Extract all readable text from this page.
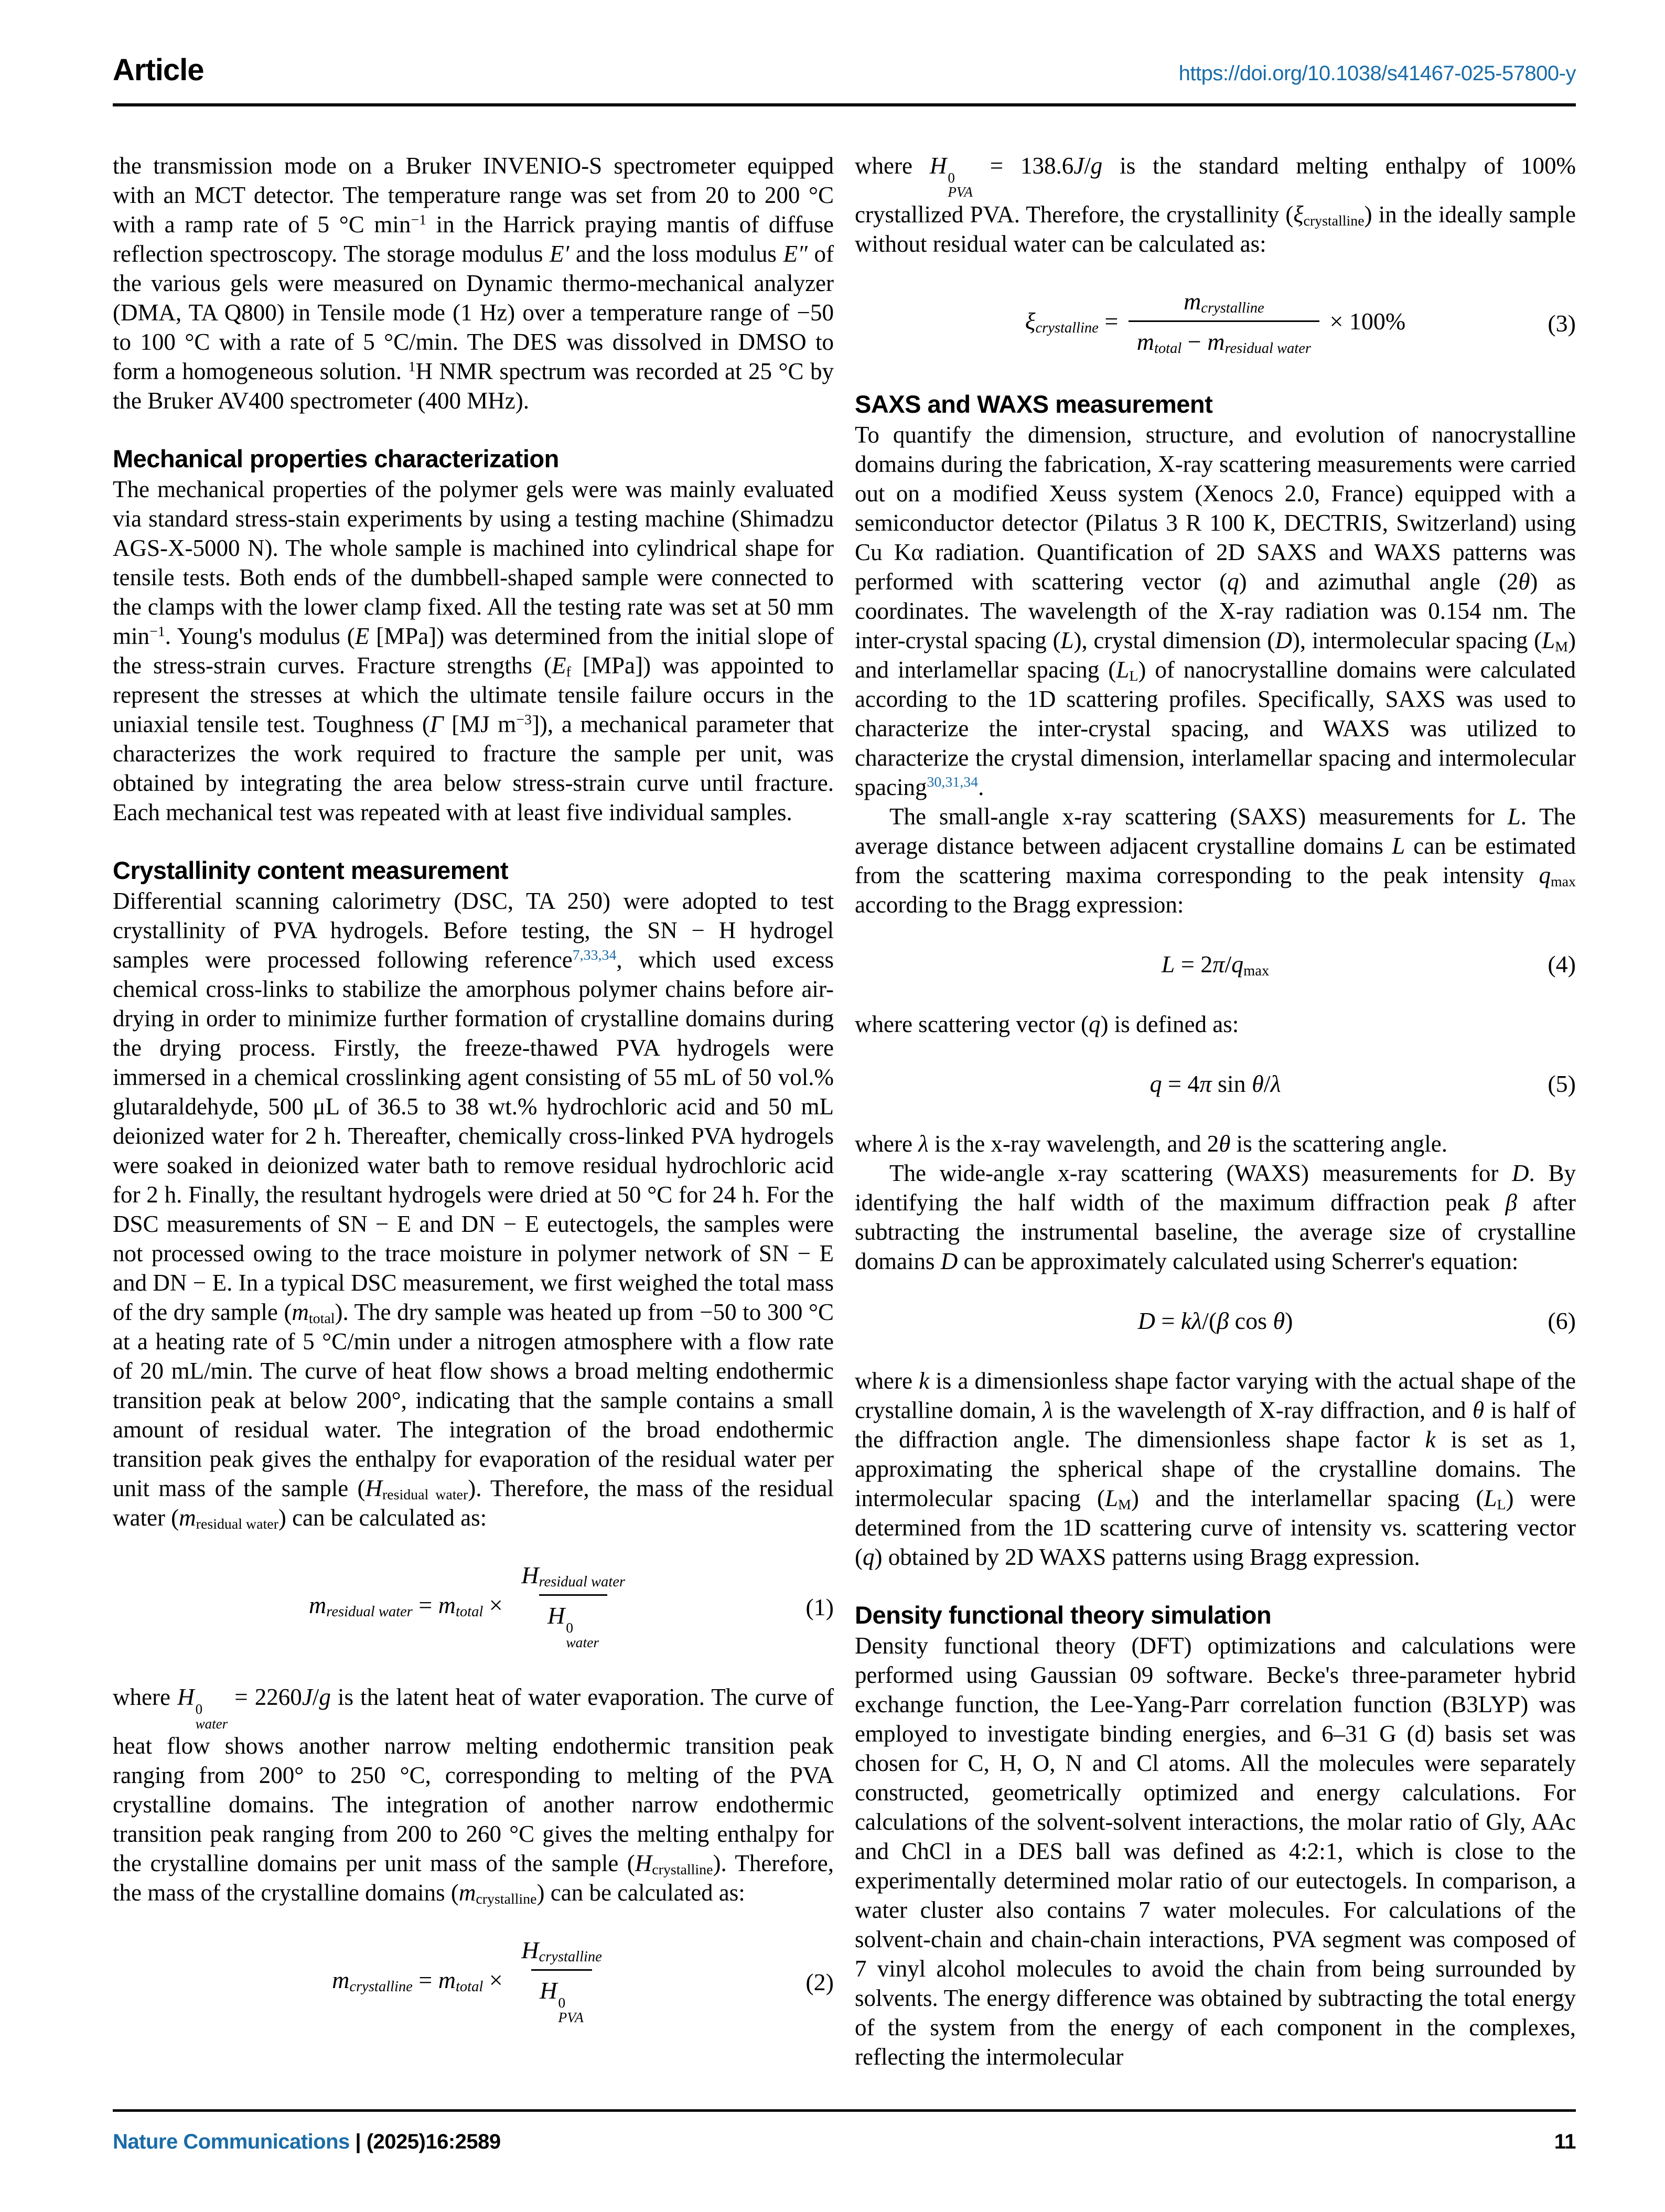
Article	https://doi.org/10.1038/s41467-025-57800-y

the transmission mode on a Bruker INVENIO-S spectrometer equipped with an MCT detector. The temperature range was set from 20 to 200 °C with a ramp rate of 5 °C $\min^{-1}$ in the Harrick praying mantis of diffuse reflection spectroscopy. The storage modulus E′ and the loss modulus E″ of the various gels were measured on Dynamic thermo-mechanical analyzer (DMA, TA Q800) in Tensile mode (1 Hz) over a temperature range of −50 to 100 °C with a rate of 5 °C/min. The DES was dissolved in DMSO to form a homogeneous solution. $^1$H NMR spectrum was recorded at 25 °C by the Bruker AV400 spectrometer (400 MHz).

Mechanical properties characterization

The mechanical properties of the polymer gels were was mainly evaluated via standard stress-stain experiments by using a testing machine (Shimadzu AGS-X-5000 N). The whole sample is machined into cylindrical shape for tensile tests. Both ends of the dumbbell-shaped sample were connected to the clamps with the lower clamp fixed. All the testing rate was set at 50 mm $\min^{-1}$. Young's modulus (E [MPa]) was determined from the initial slope of the stress-strain curves. Fracture strengths ($E_f$ [MPa]) was appointed to represent the stresses at which the ultimate tensile failure occurs in the uniaxial tensile test. Toughness (Γ [MJ $m^{-3}$]), a mechanical parameter that characterizes the work required to fracture the sample per unit, was obtained by integrating the area below stress-strain curve until fracture. Each mechanical test was repeated with at least five individual samples.

Crystallinity content measurement

Differential scanning calorimetry (DSC, TA 250) were adopted to test crystallinity of PVA hydrogels. Before testing, the SN − H hydrogel samples were processed following reference$^{7,33,34}$, which used excess chemical cross-links to stabilize the amorphous polymer chains before air-drying in order to minimize further formation of crystalline domains during the drying process. Firstly, the freeze-thawed PVA hydrogels were immersed in a chemical crosslinking agent consisting of 55 mL of 50 vol.% glutaraldehyde, 500 μL of 36.5 to 38 wt.% hydrochloric acid and 50 mL deionized water for 2 h. Thereafter, chemically cross-linked PVA hydrogels were soaked in deionized water bath to remove residual hydrochloric acid for 2 h. Finally, the resultant hydrogels were dried at 50 °C for 24 h. For the DSC measurements of SN − E and DN − E eutectogels, the samples were not processed owing to the trace moisture in polymer network of SN − E and DN − E. In a typical DSC measurement, we first weighed the total mass of the dry sample $(m_{total})$. The dry sample was heated up from −50 to 300 °C at a heating rate of 5 °C/min under a nitrogen atmosphere with a flow rate of 20 mL/min. The curve of heat flow shows a broad melting endothermic transition peak at below 200°, indicating that the sample contains a small amount of residual water. The integration of the broad endothermic transition peak gives the enthalpy for evaporation of the residual water per unit mass of the sample $(H_{residual water})$. Therefore, the mass of the residual water $(m_{residual water})$ can be calculated as:

$m_{residual water} = m_{total} \times H_{residual water}$
H 0
water	(1)

where H 0
water
= 2260J/g is the latent heat of water evaporation. The curve of heat flow shows another narrow melting endothermic transition peak ranging from 200° to 250 °C, corresponding to melting of the PVA crystalline domains. The integration of another narrow endothermic transition peak ranging from 200 to 260 °C gives the melting enthalpy for the crystalline domains per unit mass of the sample $(H_{crystalline})$. Therefore, the mass of the crystalline domains $(m_{crystalline})$ can be calculated as:

$m_{crystalline} = m_{total} \times H_{crystalline}$
H 0
PVA	(2)

where H 0
PVA
= 138.6J/g is the standard melting enthalpy of 100% crystallized PVA. Therefore, the crystallinity $(\xi_{crystalline})$ in the ideally sample without residual water can be calculated as:

$\xi_{crystalline} = \frac{m_{crystalline}}{m_{total} - m_{residual water}} \times 100\%$	(3)
SAXS and WAXS measurement

To quantify the dimension, structure, and evolution of nanocrystalline domains during the fabrication, X-ray scattering measurements were carried out on a modified Xeuss system (Xenocs 2.0, France) equipped with a semiconductor detector (Pilatus 3 R 100 K, DECTRIS, Switzerland) using Cu Kα radiation. Quantification of 2D SAXS and WAXS patterns was performed with scattering vector (q) and azimuthal angle (2θ) as coordinates. The wavelength of the X-ray radiation was 0.154 nm. The inter-crystal spacing (L), crystal dimension (D), intermolecular spacing $(L_M)$ and interlamellar spacing $(L_L)$ of nanocrystalline domains were calculated according to the 1D scattering profiles. Specifically, SAXS was used to characterize the inter-crystal spacing, and WAXS was utilized to characterize the crystal dimension, interlamellar spacing and intermolecular spacing$^{30,31,34}$.

The small-angle x-ray scattering (SAXS) measurements for L. The average distance between adjacent crystalline domains L can be estimated from the scattering maxima corresponding to the peak intensity $q_{max}$ according to the Bragg expression:

$L = 2\pi/q_{max}$	(4)

where scattering vector (q) is defined as:

q = 4π sin θ/λ	(5)

where λ is the x-ray wavelength, and 2θ is the scattering angle.

The wide-angle x-ray scattering (WAXS) measurements for D. By identifying the half width of the maximum diffraction peak β after subtracting the instrumental baseline, the average size of crystalline domains D can be approximately calculated using Scherrer's equation:

D = kλ/(β cos θ)	(6)

where k is a dimensionless shape factor varying with the actual shape of the crystalline domain, λ is the wavelength of X-ray diffraction, and θ is half of the diffraction angle. The dimensionless shape factor k is set as 1, approximating the spherical shape of the crystalline domains. The intermolecular spacing $(L_M)$ and the interlamellar spacing $(L_L)$ were determined from the 1D scattering curve of intensity vs. scattering vector (q) obtained by 2D WAXS patterns using Bragg expression.

Density functional theory simulation

Density functional theory (DFT) optimizations and calculations were performed using Gaussian 09 software. Becke's three-parameter hybrid exchange function, the Lee-Yang-Parr correlation function (B3LYP) was employed to investigate binding energies, and 6–31 G (d) basis set was chosen for C, H, O, N and Cl atoms. All the molecules were separately constructed, geometrically optimized and energy calculations. For calculations of the solvent-solvent interactions, the molar ratio of Gly, AAc and ChCl in a DES ball was defined as 4:2:1, which is close to the experimentally determined molar ratio of our eutectogels. In comparison, a water cluster also contains 7 water molecules. For calculations of the solvent-chain and chain-chain interactions, PVA segment was composed of 7 vinyl alcohol molecules to avoid the chain from being surrounded by solvents. The energy difference was obtained by subtracting the total energy of the system from the energy of each component in the complexes, reflecting the intermolecular

Nature Communications | (2025)16:2589	11
